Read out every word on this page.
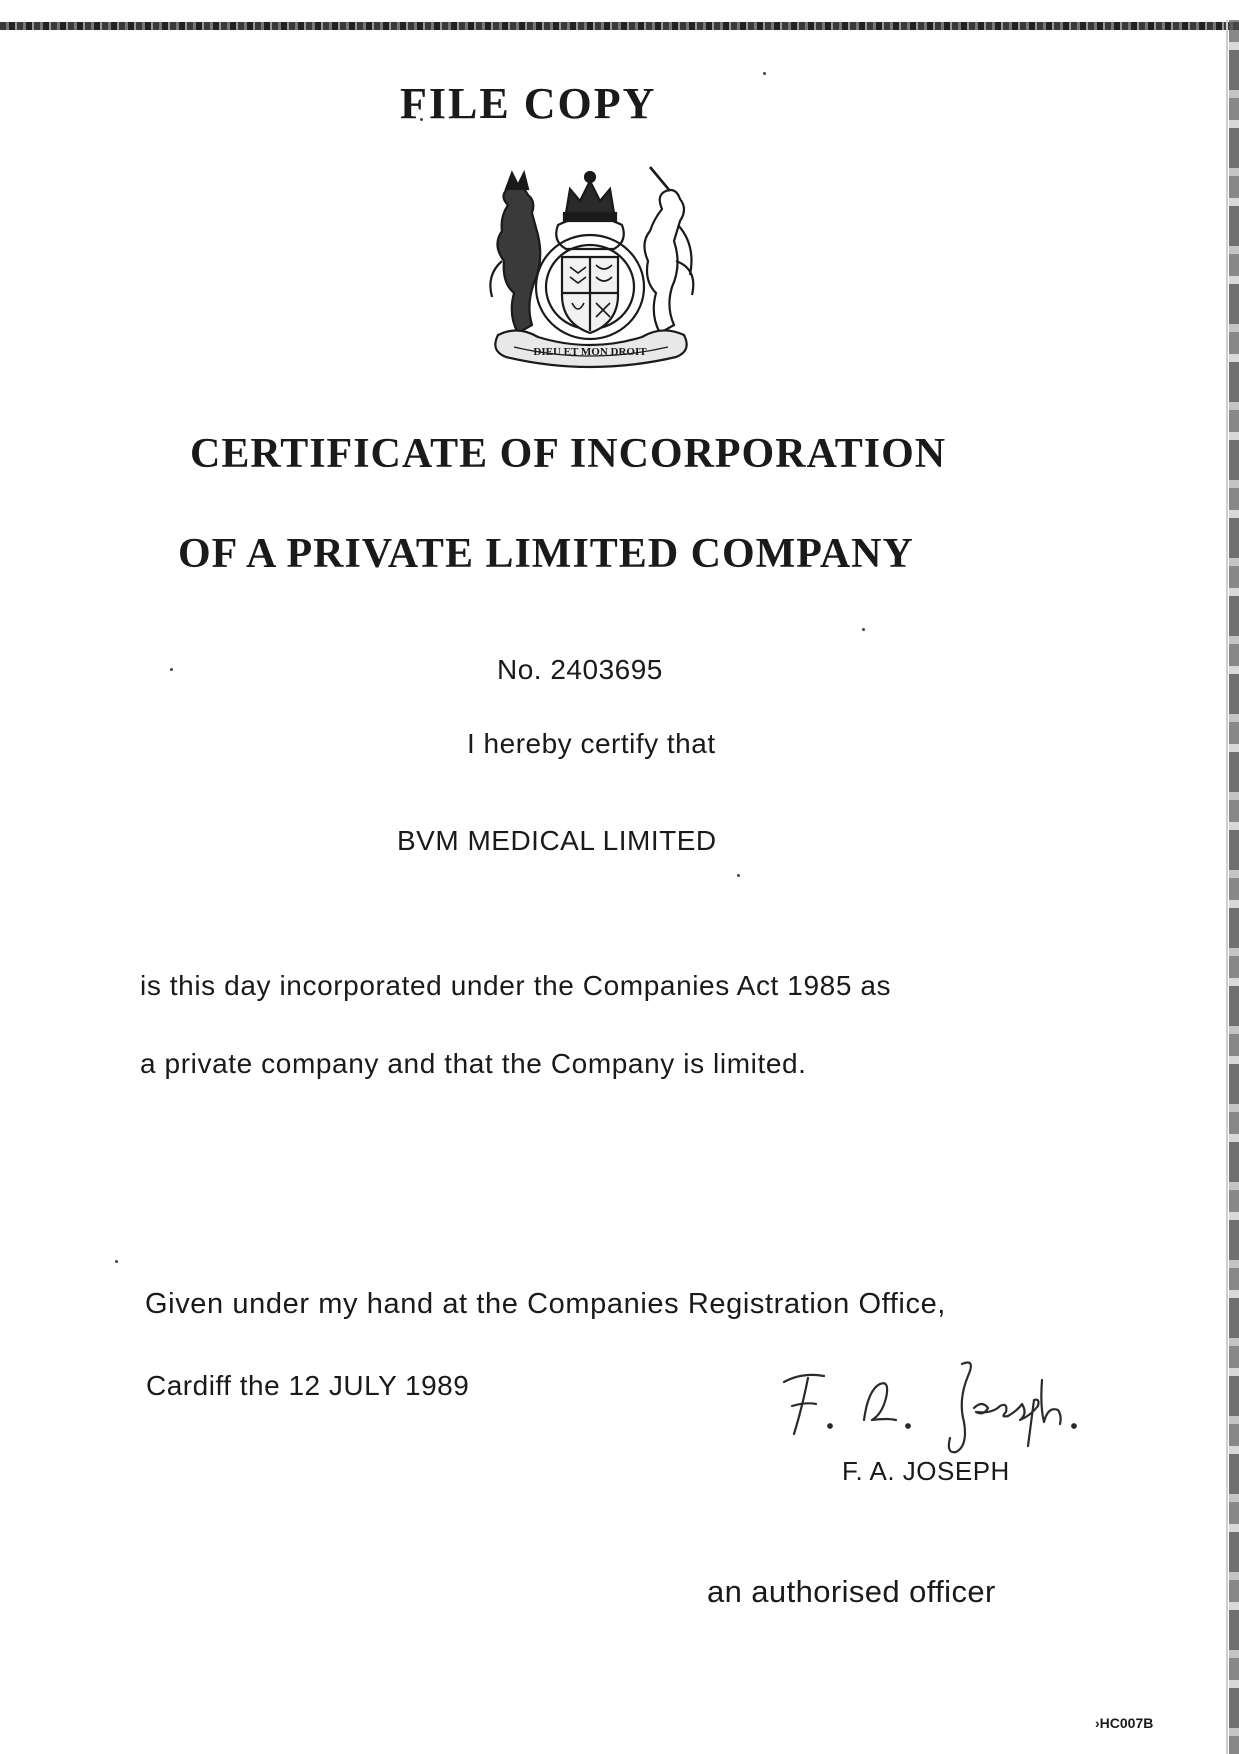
FILE COPY
DIEU ET MON DROIT
CERTIFICATE OF INCORPORATION
OF A PRIVATE LIMITED COMPANY
No. 2403695
I hereby certify that
BVM MEDICAL LIMITED
is this day incorporated under the Companies Act 1985 as
a private company and that the Company is limited.
Given under my hand at the Companies Registration Office,
Cardiff the 12 JULY 1989
F. A. JOSEPH
an authorised officer
›HC007B
